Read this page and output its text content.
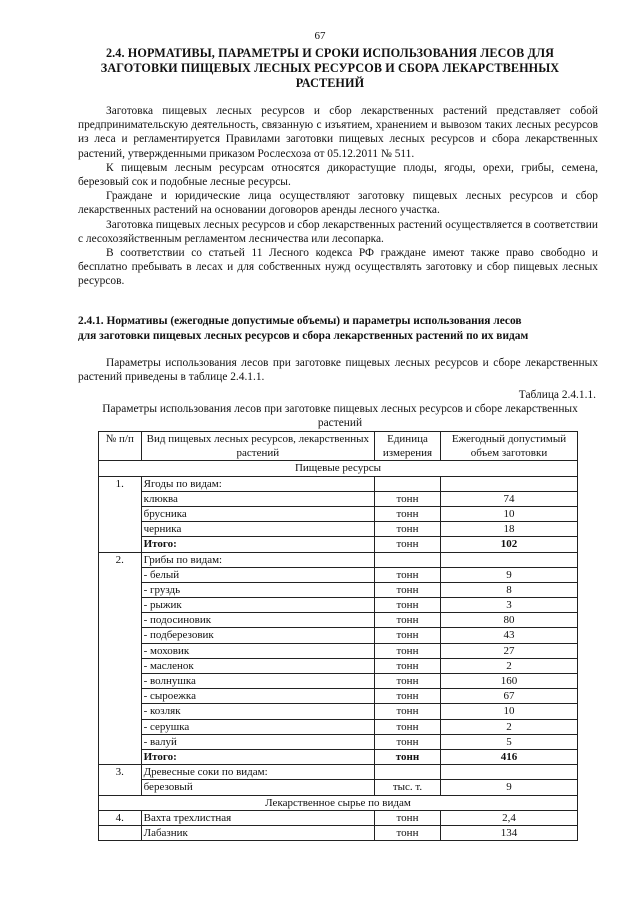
67
2.4. НОРМАТИВЫ, ПАРАМЕТРЫ И СРОКИ ИСПОЛЬЗОВАНИЯ ЛЕСОВ ДЛЯ ЗАГОТОВКИ ПИЩЕВЫХ ЛЕСНЫХ РЕСУРСОВ И СБОРА ЛЕКАРСТВЕННЫХ РАСТЕНИЙ

Заготовка пищевых лесных ресурсов и сбор лекарственных растений представляет собой предпринимательскую деятельность, связанную с изъятием, хранением и вывозом таких лесных ресурсов из леса и регламентируется Правилами заготовки пищевых лесных ресурсов и сбора лекарственных растений, утвержденными приказом Рослесхоза от 05.12.2011 № 511.

К пищевым лесным ресурсам относятся дикорастущие плоды, ягоды, орехи, грибы, семена, березовый сок и подобные лесные ресурсы.

Граждане и юридические лица осуществляют заготовку пищевых лесных ресурсов и сбор лекарственных растений на основании договоров аренды лесного участка.

Заготовка пищевых лесных ресурсов и сбор лекарственных растений осуществляется в соответствии с лесохозяйственным регламентом лесничества или лесопарка.

В соответствии со статьей 11 Лесного кодекса РФ граждане имеют также право свободно и бесплатно пребывать в лесах и для собственных нужд осуществлять заготовку и сбор пищевых лесных ресурсов.

2.4.1. Нормативы (ежегодные допустимые объемы) и параметры использования лесов
для заготовки пищевых лесных ресурсов и сбора лекарственных растений по их видам

Параметры использования лесов при заготовке пищевых лесных ресурсов и сборе лекарственных растений приведены в таблице 2.4.1.1.

Таблица 2.4.1.1.
Параметры использования лесов при заготовке пищевых лесных ресурсов и сборе лекарственных растений
№ п/п	Вид пищевых лесных ресурсов, лекарственных растений	Единица измерения	Ежегодный допустимый объем заготовки
Пищевые ресурсы			
1.	Ягоды по видам:		
	клюква	тонн	74
	брусника	тонн	10
	черника	тонн	18
	Итого:	тонн	102
2.	Грибы по видам:		
	- белый	тонн	9
	- груздь	тонн	8
	- рыжик	тонн	3
	- подосиновик	тонн	80
	- подберезовик	тонн	43
	- моховик	тонн	27
	- масленок	тонн	2
	- волнушка	тонн	160
	- сыроежка	тонн	67
	- козляк	тонн	10
	- серушка	тонн	2
	- валуй	тонн	5
	Итого:	тонн	416
3.	Древесные соки по видам:		
	березовый	тыс. т.	9
Лекарственное сырье по видам			
4.	Вахта трехлистная	тонн	2,4
	Лабазник	тонн	134
